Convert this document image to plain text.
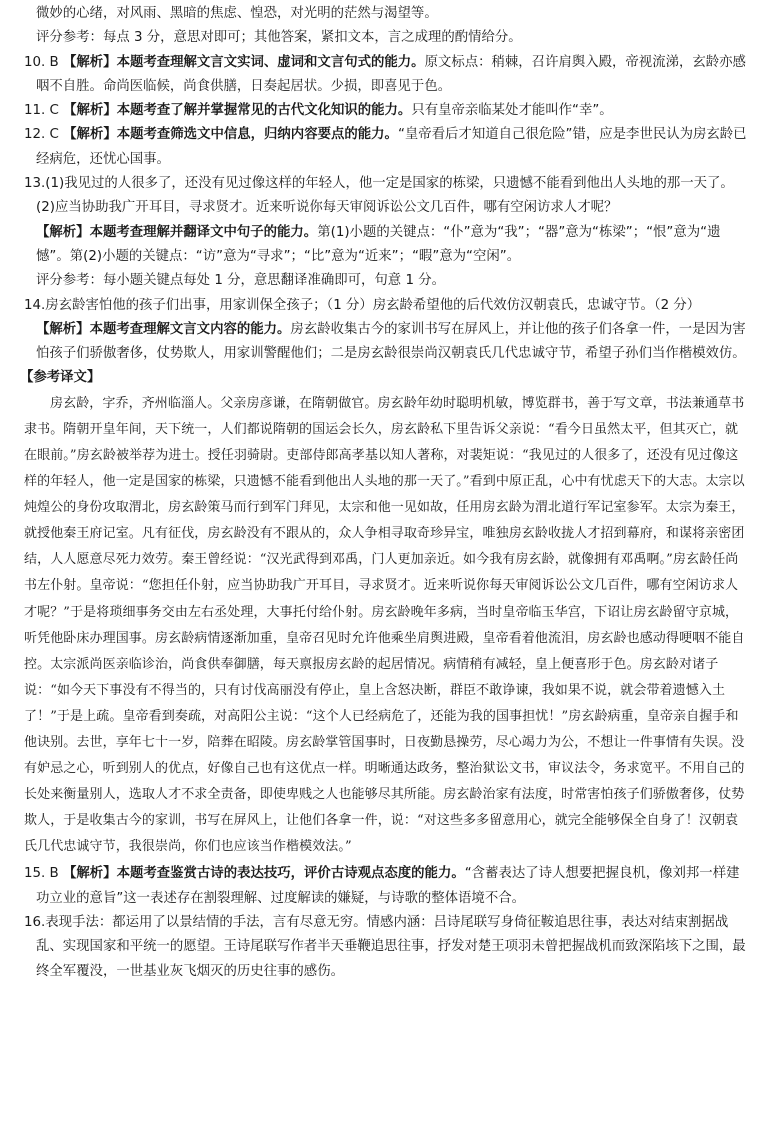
微妙的心绪，对风雨、黑暗的焦虑、惶恐，对光明的茫然与渴望等。

评分参考：每点 3 分，意思对即可；其他答案，紧扣文本，言之成理的酌情给分。

10. B 【解析】本题考查理解文言文实词、虚词和文言句式的能力。原文标点：稍棘，召许肩舆入殿，帝视流涕，玄龄亦感咽不自胜。命尚医临候，尚食供膳，日奏起居状。少损，即喜见于色。

11. C 【解析】本题考查了解并掌握常见的古代文化知识的能力。只有皇帝亲临某处才能叫作“幸”。

12. C 【解析】本题考查筛选文中信息，归纳内容要点的能力。“皇帝看后才知道自己很危险”错，应是李世民认为房玄龄已经病危，还忧心国事。

13.(1)我见过的人很多了，还没有见过像这样的年轻人，他一定是国家的栋梁，只遗憾不能看到他出人头地的那一天了。

(2)应当协助我广开耳目，寻求贤才。近来听说你每天审阅诉讼公文几百件，哪有空闲访求人才呢？

【解析】本题考查理解并翻译文中句子的能力。第(1)小题的关键点：“仆”意为“我”；“器”意为“栋梁”；“恨”意为“遗憾”。第(2)小题的关键点：“访”意为“寻求”；“比”意为“近来”；“暇”意为“空闲”。

评分参考：每小题关键点每处 1 分，意思翻译准确即可，句意 1 分。

14.房玄龄害怕他的孩子们出事，用家训保全孩子；（1 分）房玄龄希望他的后代效仿汉朝袁氏，忠诚守节。（2 分）

【解析】本题考查理解文言文内容的能力。房玄龄收集古今的家训书写在屏风上，并让他的孩子们各拿一件，一是因为害怕孩子们骄傲奢侈，仗势欺人，用家训警醒他们；二是房玄龄很崇尚汉朝袁氏几代忠诚守节，希望子孙们当作楷模效仿。

【参考译文】

房玄龄，字乔，齐州临淄人。父亲房彦谦，在隋朝做官。房玄龄年幼时聪明机敏，博览群书，善于写文章，书法兼通草书隶书。隋朝开皇年间，天下统一，人们都说隋朝的国运会长久，房玄龄私下里告诉父亲说：“看今日虽然太平，但其灭亡，就在眼前。”房玄龄被举荐为进士。授任羽骑尉。吏部侍郎高孝基以知人著称，对裴矩说：“我见过的人很多了，还没有见过像这样的年轻人，他一定是国家的栋梁，只遗憾不能看到他出人头地的那一天了。”看到中原正乱，心中有忧虑天下的大志。太宗以炖煌公的身份攻取渭北，房玄龄策马而行到军门拜见，太宗和他一见如故，任用房玄龄为渭北道行军记室参军。太宗为秦王，就授他秦王府记室。凡有征伐，房玄龄没有不跟从的，众人争相寻取奇珍异宝，唯独房玄龄收拢人才招到幕府，和谋将亲密团结，人人愿意尽死力效劳。秦王曾经说：“汉光武得到邓禹，门人更加亲近。如今我有房玄龄，就像拥有邓禹啊。”房玄龄任尚书左仆射。皇帝说：“您担任仆射，应当协助我广开耳目，寻求贤才。近来听说你每天审阅诉讼公文几百件，哪有空闲访求人才呢？”于是将琐细事务交由左右丞处理，大事托付给仆射。房玄龄晚年多病，当时皇帝临玉华宫，下诏让房玄龄留守京城，听凭他卧床办理国事。房玄龄病情逐渐加重，皇帝召见时允许他乘坐肩舆进殿，皇帝看着他流泪，房玄龄也感动得哽咽不能自控。太宗派尚医亲临诊治，尚食供奉御膳，每天禀报房玄龄的起居情况。病情稍有减轻，皇上便喜形于色。房玄龄对诸子说：“如今天下事没有不得当的，只有讨伐高丽没有停止，皇上含怒决断，群臣不敢诤谏，我如果不说，就会带着遗憾入土了！”于是上疏。皇帝看到奏疏，对高阳公主说：“这个人已经病危了，还能为我的国事担忧！”房玄龄病重，皇帝亲自握手和他诀别。去世，享年七十一岁，陪葬在昭陵。房玄龄掌管国事时，日夜勤恳操劳，尽心竭力为公，不想让一件事情有失误。没有妒忌之心，听到别人的优点，好像自己也有这优点一样。明晰通达政务，整治狱讼文书，审议法令，务求宽平。不用自己的长处来衡量别人，选取人才不求全责备，即使卑贱之人也能够尽其所能。房玄龄治家有法度，时常害怕孩子们骄傲奢侈，仗势欺人，于是收集古今的家训，书写在屏风上，让他们各拿一件，说：“对这些多多留意用心，就完全能够保全自身了！汉朝袁氏几代忠诚守节，我很崇尚，你们也应该当作楷模效法。”

15. B 【解析】本题考查鉴赏古诗的表达技巧，评价古诗观点态度的能力。“含蓄表达了诗人想要把握良机，像刘邦一样建功立业的意旨”这一表述存在割裂理解、过度解读的嫌疑，与诗歌的整体语境不合。

16.表现手法：都运用了以景结情的手法，言有尽意无穷。情感内涵：吕诗尾联写身倚征鞍追思往事，表达对结束割据战乱、实现国家和平统一的愿望。王诗尾联写作者半天垂鞭追思往事，抒发对楚王项羽未曾把握战机而致深陷垓下之围，最终全军覆没，一世基业灰飞烟灭的历史往事的感伤。
